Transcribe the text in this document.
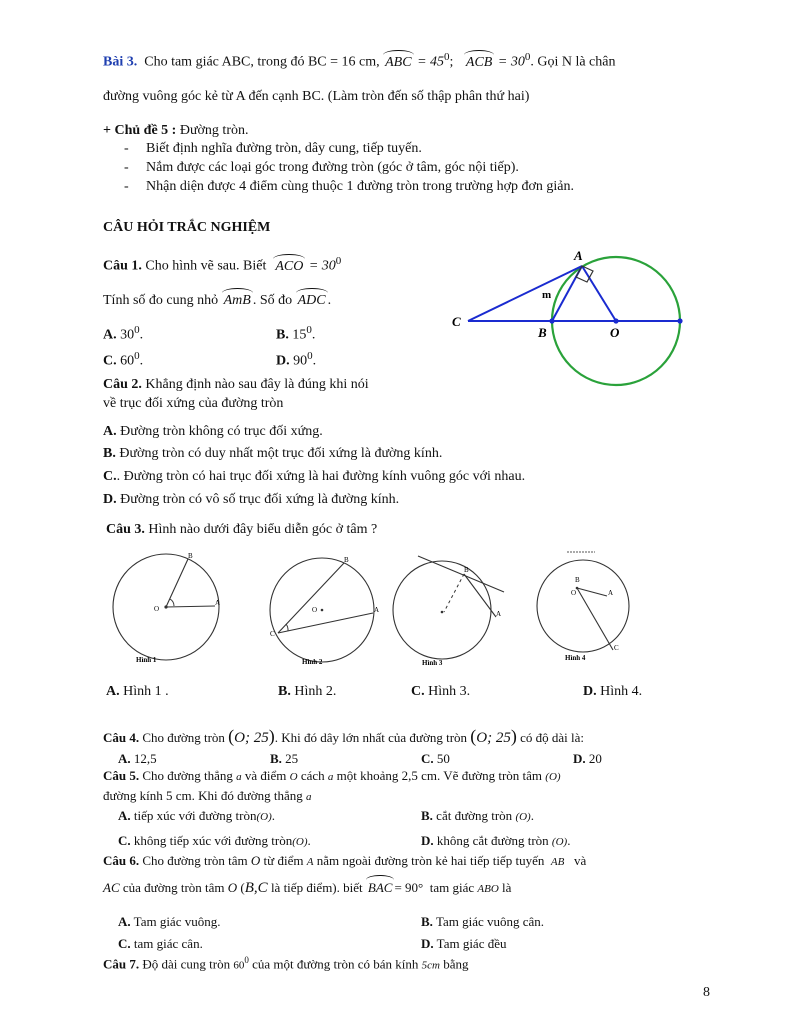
Bài 3. Cho tam giác ABC, trong đó BC = 16 cm, ABC = $45^0$; ACB = $30^0$. Gọi N là chân
đường vuông góc kẻ từ A đến cạnh BC. (Làm tròn đến số thập phân thứ hai)
+ Chủ đề 5 : Đường tròn.
- Biết định nghĩa đường tròn, dây cung, tiếp tuyến.
- Nắm được các loại góc trong đường tròn (góc ở tâm, góc nội tiếp).
- Nhận diện được 4 điểm cùng thuộc 1 đường tròn trong trường hợp đơn giản.
CÂU HỎI TRẮC NGHIỆM
Câu 1. Cho hình vẽ sau. Biết ACO = $30^0$
Tính số đo cung nhỏ AmB . Số đo ADC .
A. $30^0$.	B. $15^0$.
C. $60^0$.	D. $90^0$.
A
m
C
B	O
Câu 2. Khẳng định nào sau đây là đúng khi nói
về trục đối xứng của đường tròn
A. Đường tròn không có trục đối xứng.
B. Đường tròn có duy nhất một trục đối xứng là đường kính.
C.. Đường tròn có hai trục đối xứng là hai đường kính vuông góc với nhau.
D. Đường tròn có vô số trục đối xứng là đường kính.
Câu 3. Hình nào dưới đây biểu diễn góc ở tâm ?
O
B
A
Hình 1
O
B
A
C
Hình 2
B
A
Hình 3
B
O	A
C
Hình 4
A. Hình 1 .	B. Hình 2.	C. Hình 3.	D. Hình 4.
Câu 4. Cho đường tròn (O; 25). Khi đó dây lớn nhất của đường tròn (O; 25) có độ dài là:
A. 12,5	B. 25	C. 50	D. 20
Câu 5. Cho đường thẳng a và điểm O cách a một khoảng 2,5 cm. Vẽ đường tròn tâm (O)
đường kính 5 cm. Khi đó đường thẳng a
A. tiếp xúc với đường tròn(O).	B. cắt đường tròn (O).
C. không tiếp xúc với đường tròn(O).	D. không cắt đường tròn (O).
Câu 6. Cho đường tròn tâm O từ điểm A nằm ngoài đường tròn kẻ hai tiếp tiếp tuyến AB và
AC của đường tròn tâm O (B,C là tiếp điểm). biết BAC = 90° tam giác ABO là
A. Tam giác vuông.	B. Tam giác vuông cân.
C. tam giác cân.	D. Tam giác đều
Câu 7. Độ dài cung tròn $60^0$ của một đường tròn có bán kính 5cm bằng
8
